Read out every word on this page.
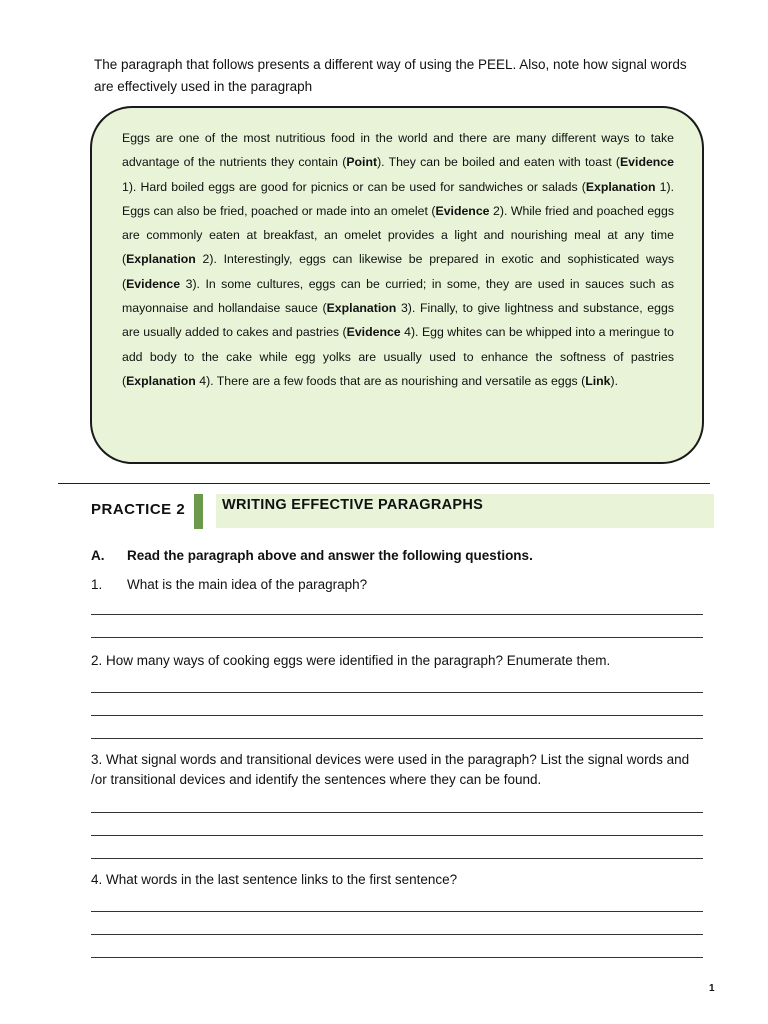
The paragraph that follows presents a different way of using the PEEL. Also, note how signal words are effectively used in the paragraph
Eggs are one of the most nutritious food in the world and there are many different ways to take advantage of the nutrients they contain (Point). They can be boiled and eaten with toast (Evidence 1). Hard boiled eggs are good for picnics or can be used for sandwiches or salads (Explanation 1). Eggs can also be fried, poached or made into an omelet (Evidence 2). While fried and poached eggs are commonly eaten at breakfast, an omelet provides a light and nourishing meal at any time (Explanation 2). Interestingly, eggs can likewise be prepared in exotic and sophisticated ways (Evidence 3). In some cultures, eggs can be curried; in some, they are used in sauces such as mayonnaise and hollandaise sauce (Explanation 3). Finally, to give lightness and substance, eggs are usually added to cakes and pastries (Evidence 4). Egg whites can be whipped into a meringue to add body to the cake while egg yolks are usually used to enhance the softness of pastries (Explanation 4). There are a few foods that are as nourishing and versatile as eggs (Link).
PRACTICE 2	WRITING EFFECTIVE PARAGRAPHS
A. Read the paragraph above and answer the following questions.
1. What is the main idea of the paragraph?
2. How many ways of cooking eggs were identified in the paragraph? Enumerate them.
3. What signal words and transitional devices were used in the paragraph? List the signal words and /or transitional devices and identify the sentences where they can be found.
4. What words in the last sentence links to the first sentence?
1
